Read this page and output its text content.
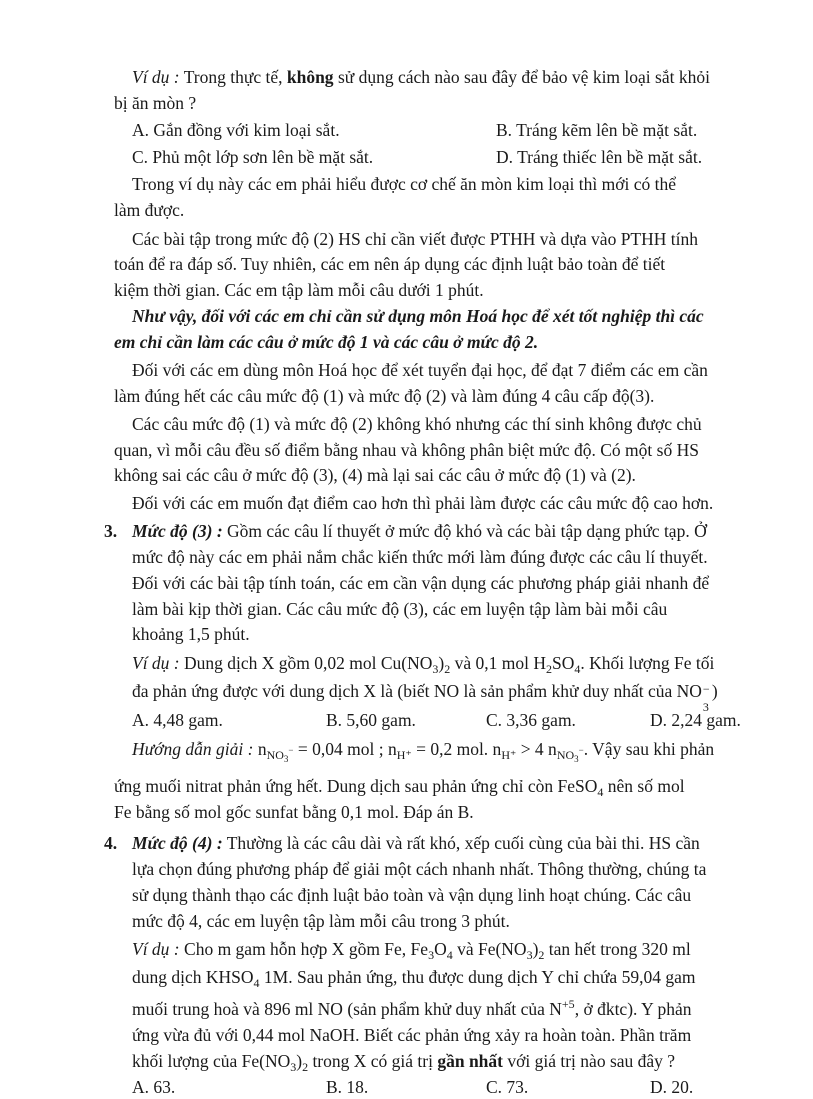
Ví dụ : Trong thực tế, không sử dụng cách nào sau đây để bảo vệ kim loại sắt khỏi
bị ăn mòn ?
A. Gắn đồng với kim loại sắt.	B. Tráng kẽm lên bề mặt sắt.
C. Phủ một lớp sơn lên bề mặt sắt.	D. Tráng thiếc lên bề mặt sắt.
Trong ví dụ này các em phải hiểu được cơ chế ăn mòn kim loại thì mới có thể
làm được.
Các bài tập trong mức độ (2) HS chỉ cần viết được PTHH và dựa vào PTHH tính
toán để ra đáp số. Tuy nhiên, các em nên áp dụng các định luật bảo toàn để tiết
kiệm thời gian. Các em tập làm mỗi câu dưới 1 phút.
Như vậy, đối với các em chỉ cần sử dụng môn Hoá học để xét tốt nghiệp thì các
em chỉ cần làm các câu ở mức độ 1 và các câu ở mức độ 2.
Đối với các em dùng môn Hoá học để xét tuyển đại học, để đạt 7 điểm các em cần
làm đúng hết các câu mức độ (1) và mức độ (2) và làm đúng 4 câu cấp độ(3).
Các câu mức độ (1) và mức độ (2) không khó nhưng các thí sinh không được chủ
quan, vì mỗi câu đều số điểm bằng nhau và không phân biệt mức độ. Có một số HS
không sai các câu ở mức độ (3), (4) mà lại sai các câu ở mức độ (1) và (2).
Đối với các em muốn đạt điểm cao hơn thì phải làm được các câu mức độ cao hơn.
3. Mức độ (3) : Gồm các câu lí thuyết ở mức độ khó và các bài tập dạng phức tạp. Ở
mức độ này các em phải nắm chắc kiến thức mới làm đúng được các câu lí thuyết.
Đối với các bài tập tính toán, các em cần vận dụng các phương pháp giải nhanh để
làm bài kịp thời gian. Các câu mức độ (3), các em luyện tập làm bài mỗi câu
khoảng 1,5 phút.
Ví dụ : Dung dịch X gồm 0,02 mol $Cu(NO_3)_2$ và 0,1 mol $H_2SO_4$. Khối lượng Fe tối
đa phản ứng được với dung dịch X là (biết NO là sản phẩm khử duy nhất của NO −
3
)
A. 4,48 gam.	B. 5,60 gam.	C. 3,36 gam.	D. 2,24 gam.
Hướng dẫn giải : $n_{NO_3^-} = 0,04$ mol ; $n_{H^+} = 0,2$ mol. $n_{H^+} > 4$ $n_{NO_3^-}$. Vậy sau khi phản
ứng muối nitrat phản ứng hết. Dung dịch sau phản ứng chỉ còn FeSO$_4$ nên số mol
Fe bằng số mol gốc sunfat bằng 0,1 mol. Đáp án B.
4. Mức độ (4) : Thường là các câu dài và rất khó, xếp cuối cùng của bài thi. HS cần
lựa chọn đúng phương pháp để giải một cách nhanh nhất. Thông thường, chúng ta
sử dụng thành thạo các định luật bảo toàn và vận dụng linh hoạt chúng. Các câu
mức độ 4, các em luyện tập làm mỗi câu trong 3 phút.
Ví dụ : Cho m gam hỗn hợp X gồm Fe, $Fe_3O_4$ và $Fe(NO_3)_2$ tan hết trong 320 ml
dung dịch $KHSO_4$ 1M. Sau phản ứng, thu được dung dịch Y chỉ chứa 59,04 gam
muối trung hoà và 896 ml NO (sản phẩm khử duy nhất của $N^{+5}$, ở đktc). Y phản
ứng vừa đủ với 0,44 mol NaOH. Biết các phản ứng xảy ra hoàn toàn. Phần trăm
khối lượng của $Fe(NO_3)_2$ trong X có giá trị gần nhất với giá trị nào sau đây ?
A. 63.	B. 18.	C. 73.	D. 20.
